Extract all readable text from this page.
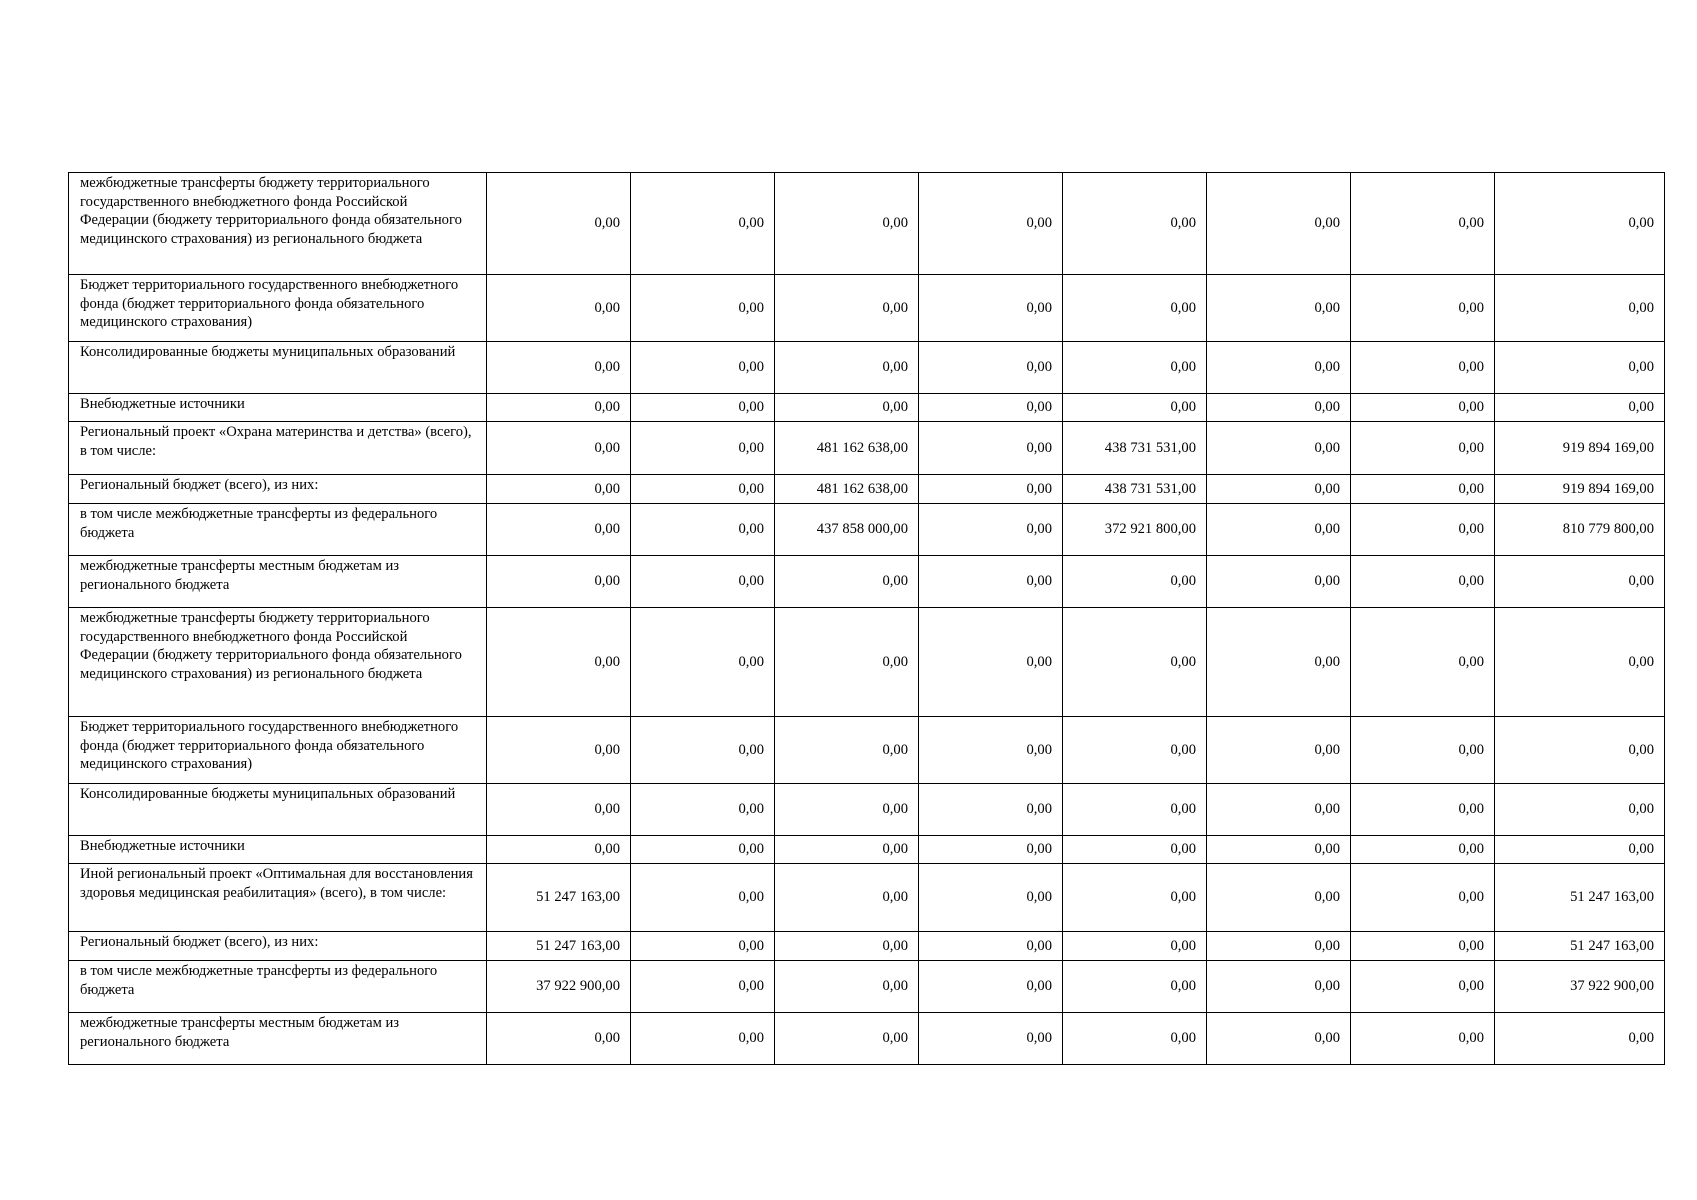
межбюджетные трансферты бюджету территориального государственного внебюджетного фонда Российской Федерации (бюджету территориального фонда обязательного медицинского страхования) из регионального бюджета	0,00	0,00	0,00	0,00	0,00	0,00	0,00	0,00
Бюджет территориального государственного внебюджетного фонда (бюджет территориального фонда обязательного медицинского страхования)	0,00	0,00	0,00	0,00	0,00	0,00	0,00	0,00
Консолидированные бюджеты муниципальных образований	0,00	0,00	0,00	0,00	0,00	0,00	0,00	0,00
Внебюджетные источники	0,00	0,00	0,00	0,00	0,00	0,00	0,00	0,00
Региональный проект «Охрана материнства и детства» (всего), в том числе:	0,00	0,00	481 162 638,00	0,00	438 731 531,00	0,00	0,00	919 894 169,00
Региональный бюджет (всего), из них:	0,00	0,00	481 162 638,00	0,00	438 731 531,00	0,00	0,00	919 894 169,00
в том числе межбюджетные трансферты из федерального бюджета	0,00	0,00	437 858 000,00	0,00	372 921 800,00	0,00	0,00	810 779 800,00
межбюджетные трансферты местным бюджетам из регионального бюджета	0,00	0,00	0,00	0,00	0,00	0,00	0,00	0,00
межбюджетные трансферты бюджету территориального государственного внебюджетного фонда Российской Федерации (бюджету территориального фонда обязательного медицинского страхования) из регионального бюджета	0,00	0,00	0,00	0,00	0,00	0,00	0,00	0,00
Бюджет территориального государственного внебюджетного фонда (бюджет территориального фонда обязательного медицинского страхования)	0,00	0,00	0,00	0,00	0,00	0,00	0,00	0,00
Консолидированные бюджеты муниципальных образований	0,00	0,00	0,00	0,00	0,00	0,00	0,00	0,00
Внебюджетные источники	0,00	0,00	0,00	0,00	0,00	0,00	0,00	0,00
Иной региональный проект «Оптимальная для восстановления здоровья медицинская реабилитация» (всего), в том числе:	51 247 163,00	0,00	0,00	0,00	0,00	0,00	0,00	51 247 163,00
Региональный бюджет (всего), из них:	51 247 163,00	0,00	0,00	0,00	0,00	0,00	0,00	51 247 163,00
в том числе межбюджетные трансферты из федерального бюджета	37 922 900,00	0,00	0,00	0,00	0,00	0,00	0,00	37 922 900,00
межбюджетные трансферты местным бюджетам из регионального бюджета	0,00	0,00	0,00	0,00	0,00	0,00	0,00	0,00
